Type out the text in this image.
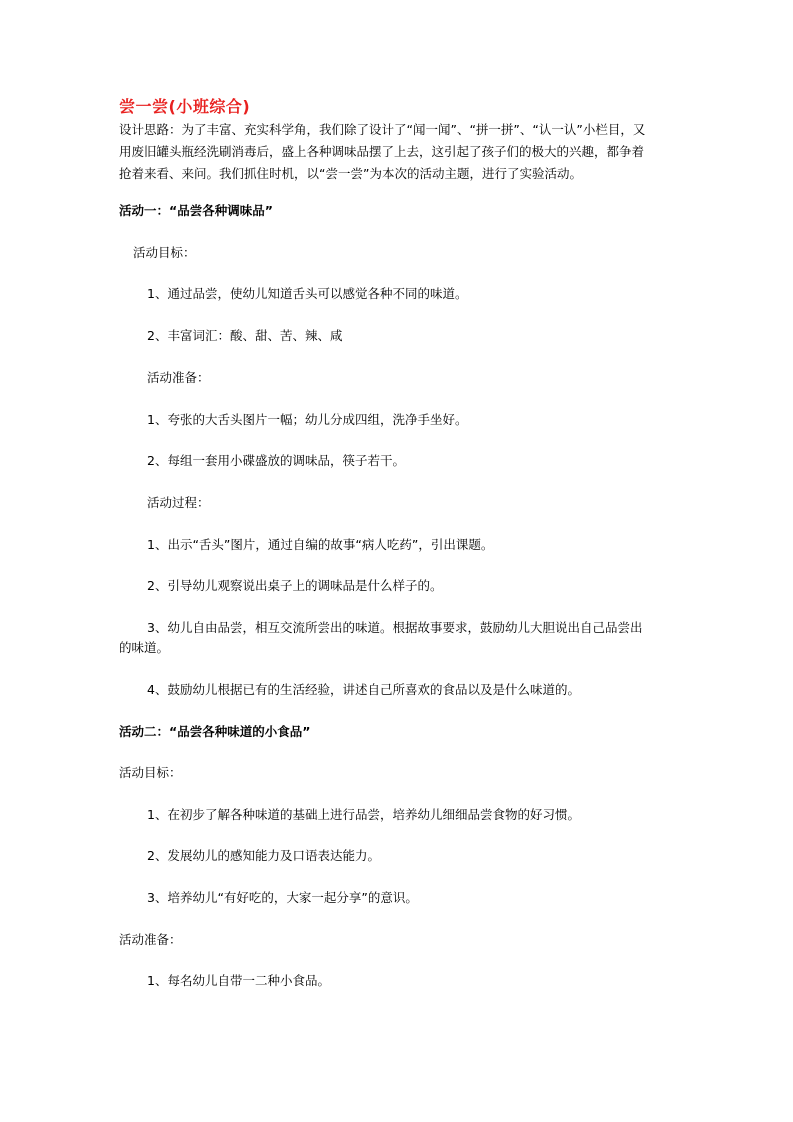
尝一尝(小班综合)

设计思路：为了丰富、充实科学角，我们除了设计了“闻一闻”、“拼一拼”、“认一认”小栏目，又

用废旧罐头瓶经洗刷消毒后，盛上各种调味品摆了上去，这引起了孩子们的极大的兴趣，都争着

抢着来看、来问。我们抓住时机，以“尝一尝”为本次的活动主题，进行了实验活动。

活动一：“品尝各种调味品”
活动目标：
1、通过品尝，使幼儿知道舌头可以感觉各种不同的味道。
2、丰富词汇：酸、甜、苦、辣、咸
活动准备：
1、夸张的大舌头图片一幅；幼儿分成四组，洗净手坐好。
2、每组一套用小碟盛放的调味品，筷子若干。
活动过程：
1、出示“舌头”图片，通过自编的故事“病人吃药”，引出课题。
2、引导幼儿观察说出桌子上的调味品是什么样子的。
3、幼儿自由品尝，相互交流所尝出的味道。根据故事要求，鼓励幼儿大胆说出自己品尝出
的味道。
4、鼓励幼儿根据已有的生活经验，讲述自己所喜欢的食品以及是什么味道的。
活动二：“品尝各种味道的小食品”
活动目标：
1、在初步了解各种味道的基础上进行品尝，培养幼儿细细品尝食物的好习惯。
2、发展幼儿的感知能力及口语表达能力。
3、培养幼儿“有好吃的，大家一起分享”的意识。
活动准备：
1、每名幼儿自带一二种小食品。
